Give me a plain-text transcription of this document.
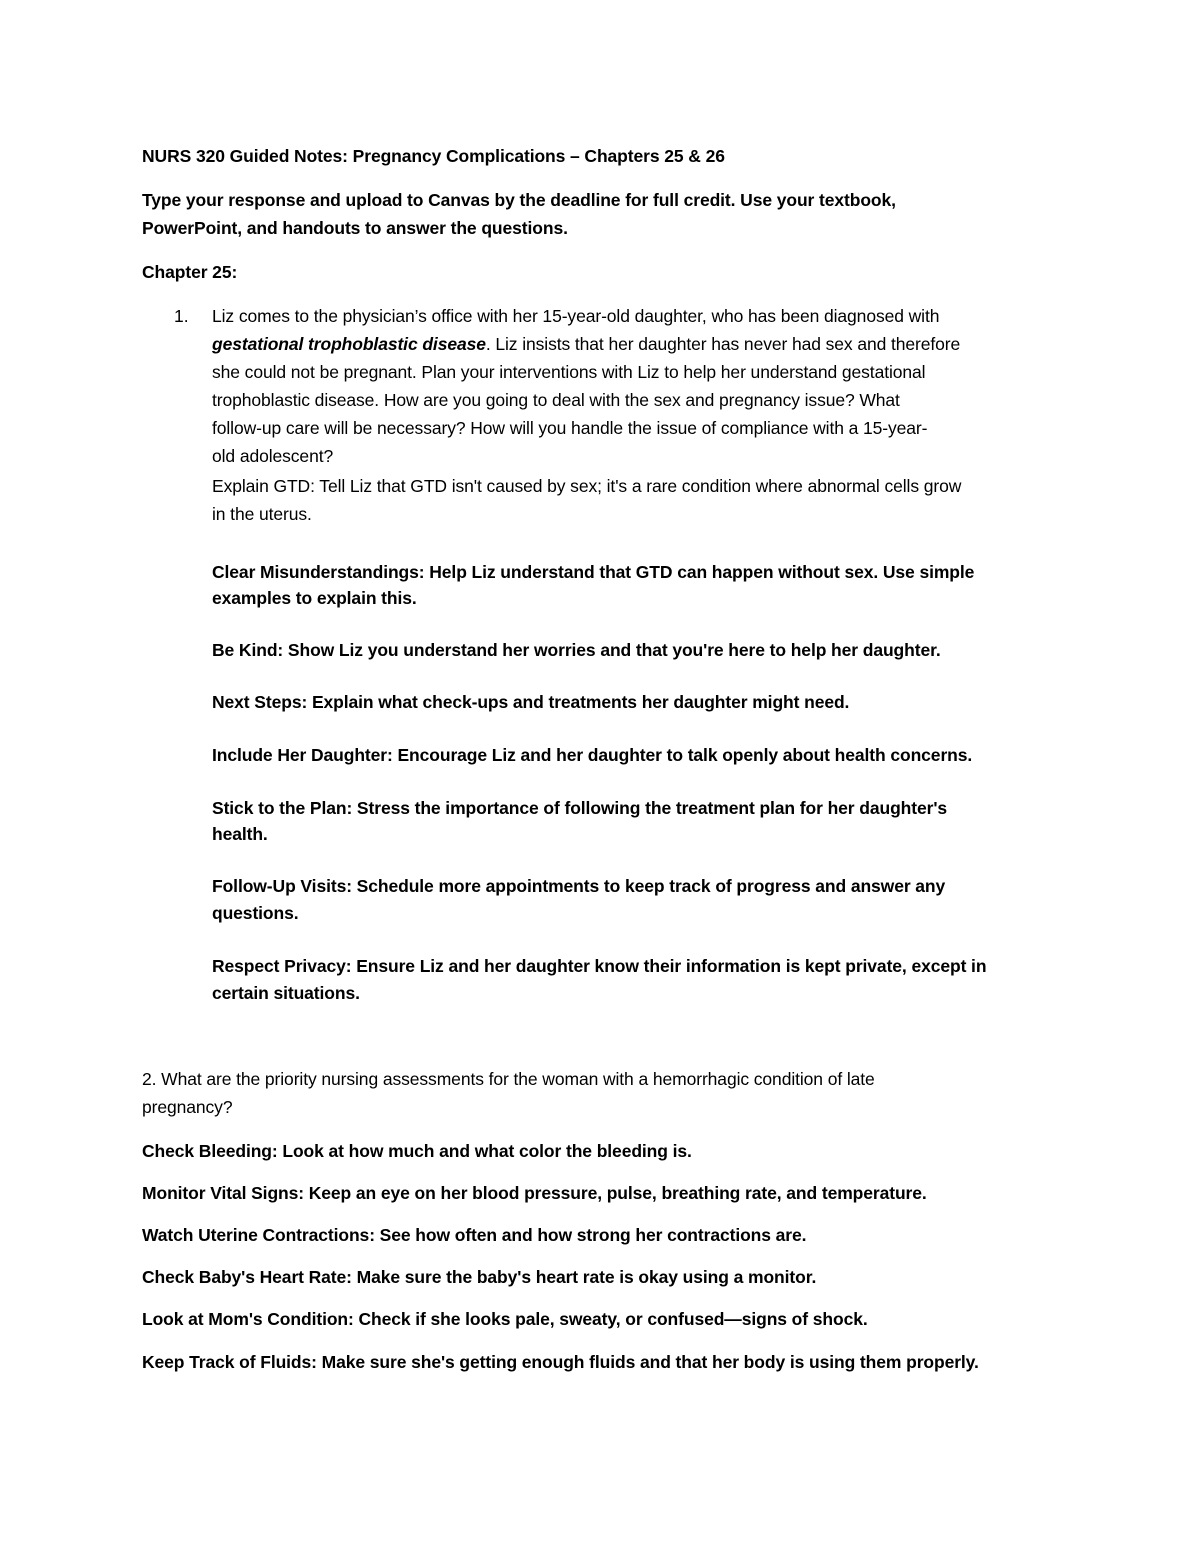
NURS 320 Guided Notes: Pregnancy Complications – Chapters 25 & 26

Type your response and upload to Canvas by the deadline for full credit. Use your textbook,

PowerPoint, and handouts to answer the questions.

Chapter 25:

1. Liz comes to the physician’s office with her 15-year-old daughter, who has been diagnosed with

gestational trophoblastic disease. Liz insists that her daughter has never had sex and therefore

she could not be pregnant. Plan your interventions with Liz to help her understand gestational

trophoblastic disease. How are you going to deal with the sex and pregnancy issue? What

follow-up care will be necessary? How will you handle the issue of compliance with a 15-year-

old adolescent?

Explain GTD: Tell Liz that GTD isn't caused by sex; it's a rare condition where abnormal cells grow

in the uterus.

Clear Misunderstandings: Help Liz understand that GTD can happen without sex. Use simple

examples to explain this.

Be Kind: Show Liz you understand her worries and that you're here to help her daughter.

Next Steps: Explain what check-ups and treatments her daughter might need.

Include Her Daughter: Encourage Liz and her daughter to talk openly about health concerns.

Stick to the Plan: Stress the importance of following the treatment plan for her daughter's

health.

Follow-Up Visits: Schedule more appointments to keep track of progress and answer any

questions.

Respect Privacy: Ensure Liz and her daughter know their information is kept private, except in

certain situations.

2. What are the priority nursing assessments for the woman with a hemorrhagic condition of late

pregnancy?

Check Bleeding: Look at how much and what color the bleeding is.

Monitor Vital Signs: Keep an eye on her blood pressure, pulse, breathing rate, and temperature.

Watch Uterine Contractions: See how often and how strong her contractions are.

Check Baby's Heart Rate: Make sure the baby's heart rate is okay using a monitor.

Look at Mom's Condition: Check if she looks pale, sweaty, or confused—signs of shock.

Keep Track of Fluids: Make sure she's getting enough fluids and that her body is using them properly.
